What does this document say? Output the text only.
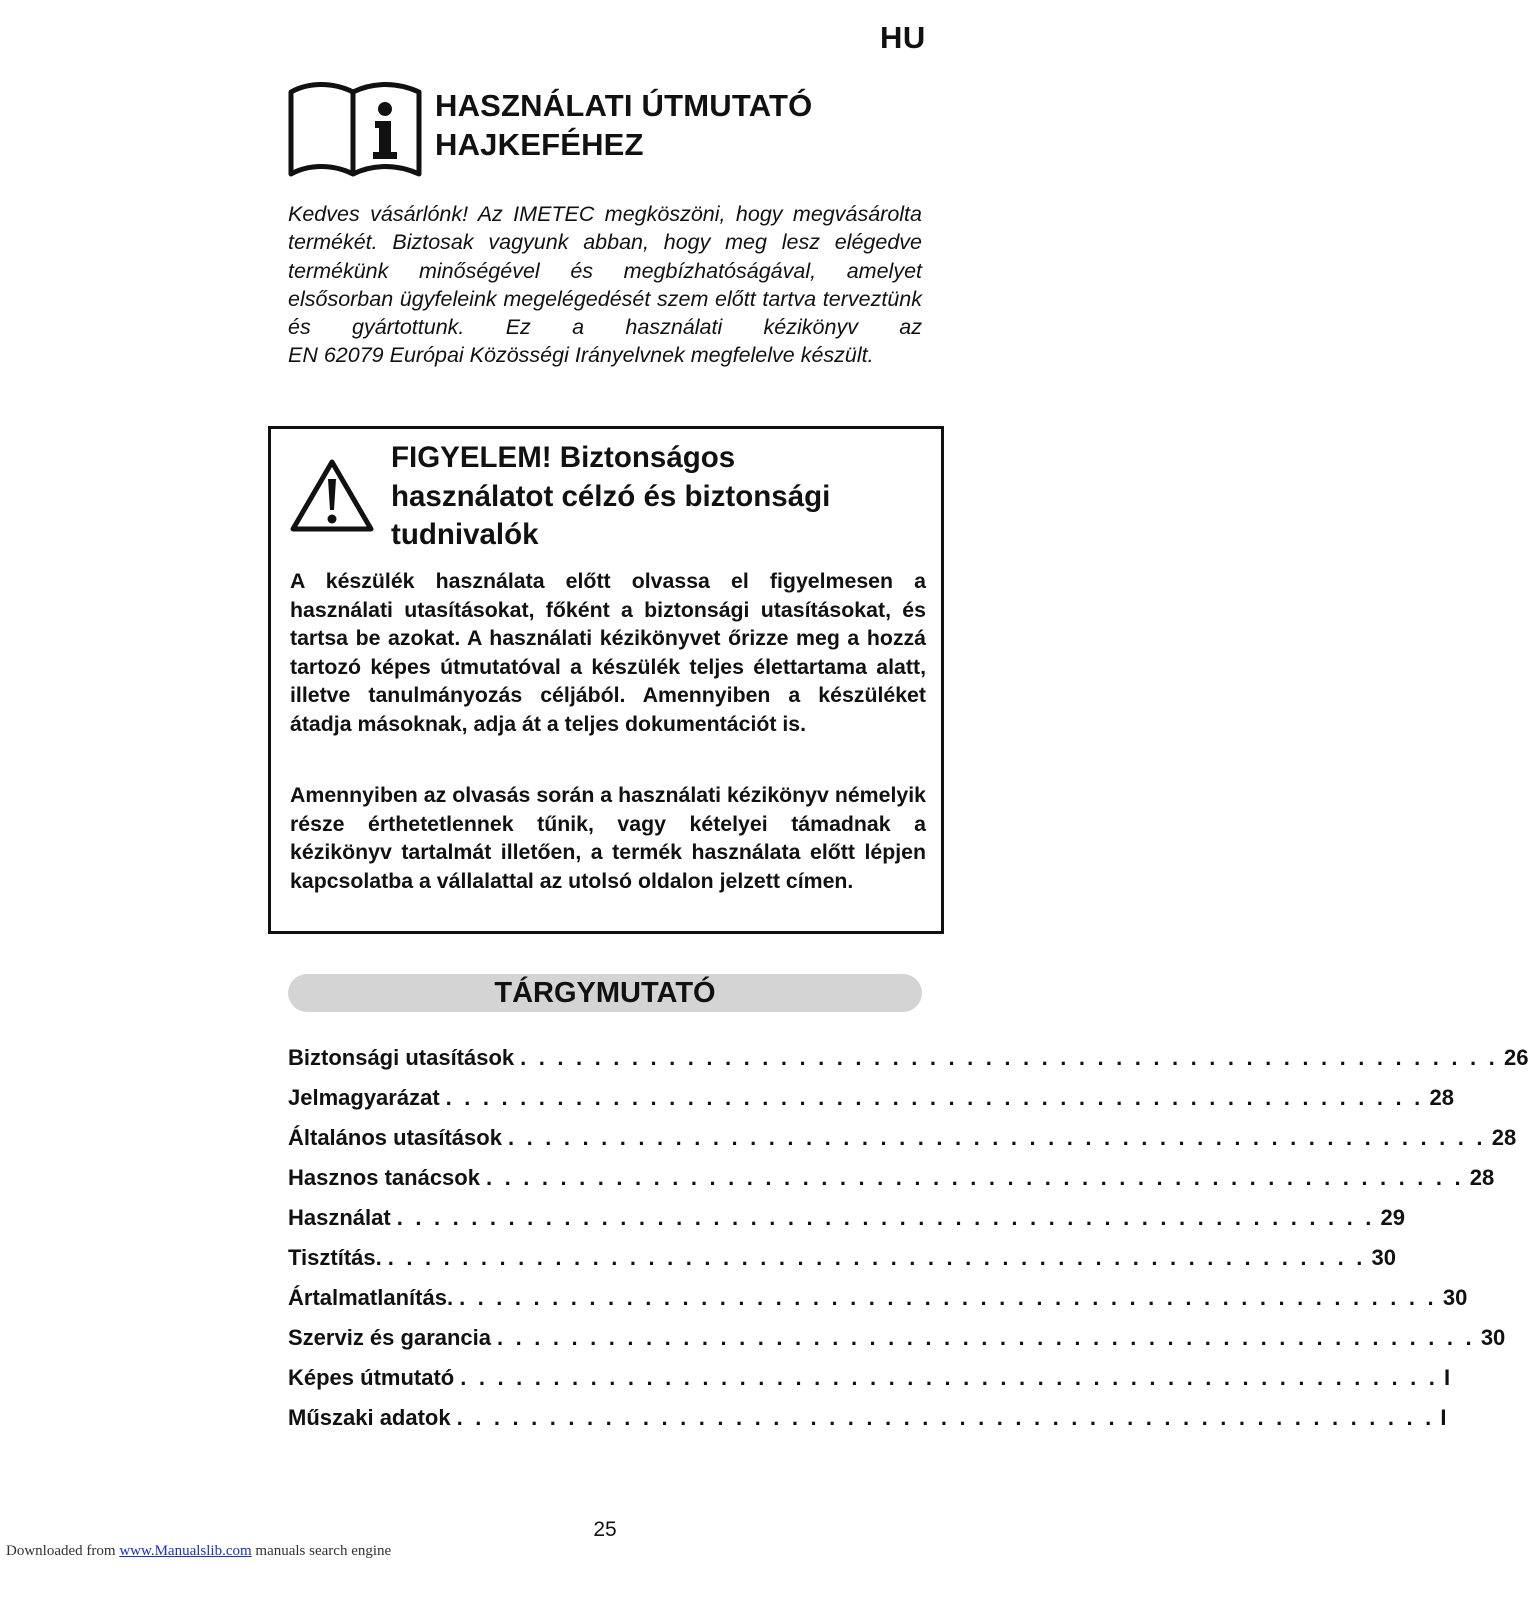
HU
HASZNÁLATI ÚTMUTATÓ
HAJKEFÉHEZ
Kedves vásárlónk! Az IMETEC megköszöni, hogy megvásárolta termékét. Biztosak vagyunk abban, hogy meg lesz elégedve termékünk minőségével és megbízhatóságával, amelyet elsősorban ügyfeleink megelégedését szem előtt tartva terveztünk és gyártottunk. Ez a használati kézikönyv az
EN 62079 Európai Közösségi Irányelvnek megfelelve készült.
FIGYELEM! Biztonságos
használatot célzó és biztonsági
tudnivalók

A készülék használata előtt olvassa el figyelmesen a használati utasításokat, főként a biztonsági utasításokat, és tartsa be azokat. A használati kézikönyvet őrizze meg a hozzá tartozó képes útmutatóval a készülék teljes élettartama alatt, illetve tanulmányozás céljából. Amennyiben a készüléket átadja másoknak, adja át a teljes dokumentációt is.

Amennyiben az olvasás során a használati kézikönyv némelyik része érthetetlennek tűnik, vagy kételyei támadnak a kézikönyv tartalmát illetően, a termék használata előtt lépjen kapcsolatba a vállalattal az utolsó oldalon jelzett címen.

TÁRGYMUTATÓ
Biztonsági utasítások . . . . . . . . . . . . . . . . . . . . . . . . . . . . . . . . . . . . . . . . . . . . . . . . . . . . . 26
Jelmagyarázat . . . . . . . . . . . . . . . . . . . . . . . . . . . . . . . . . . . . . . . . . . . . . . . . . . . . . 28
Általános utasítások . . . . . . . . . . . . . . . . . . . . . . . . . . . . . . . . . . . . . . . . . . . . . . . . . . . . . 28
Hasznos tanácsok . . . . . . . . . . . . . . . . . . . . . . . . . . . . . . . . . . . . . . . . . . . . . . . . . . . . . 28
Használat . . . . . . . . . . . . . . . . . . . . . . . . . . . . . . . . . . . . . . . . . . . . . . . . . . . . . 29
Tisztítás. . . . . . . . . . . . . . . . . . . . . . . . . . . . . . . . . . . . . . . . . . . . . . . . . . . . . . 30
Ártalmatlanítás. . . . . . . . . . . . . . . . . . . . . . . . . . . . . . . . . . . . . . . . . . . . . . . . . . . . . . 30
Szerviz és garancia . . . . . . . . . . . . . . . . . . . . . . . . . . . . . . . . . . . . . . . . . . . . . . . . . . . . . 30
Képes útmutató . . . . . . . . . . . . . . . . . . . . . . . . . . . . . . . . . . . . . . . . . . . . . . . . . . . . . I
Műszaki adatok . . . . . . . . . . . . . . . . . . . . . . . . . . . . . . . . . . . . . . . . . . . . . . . . . . . . . I
25
Downloaded from www.Manualslib.com manuals search engine
